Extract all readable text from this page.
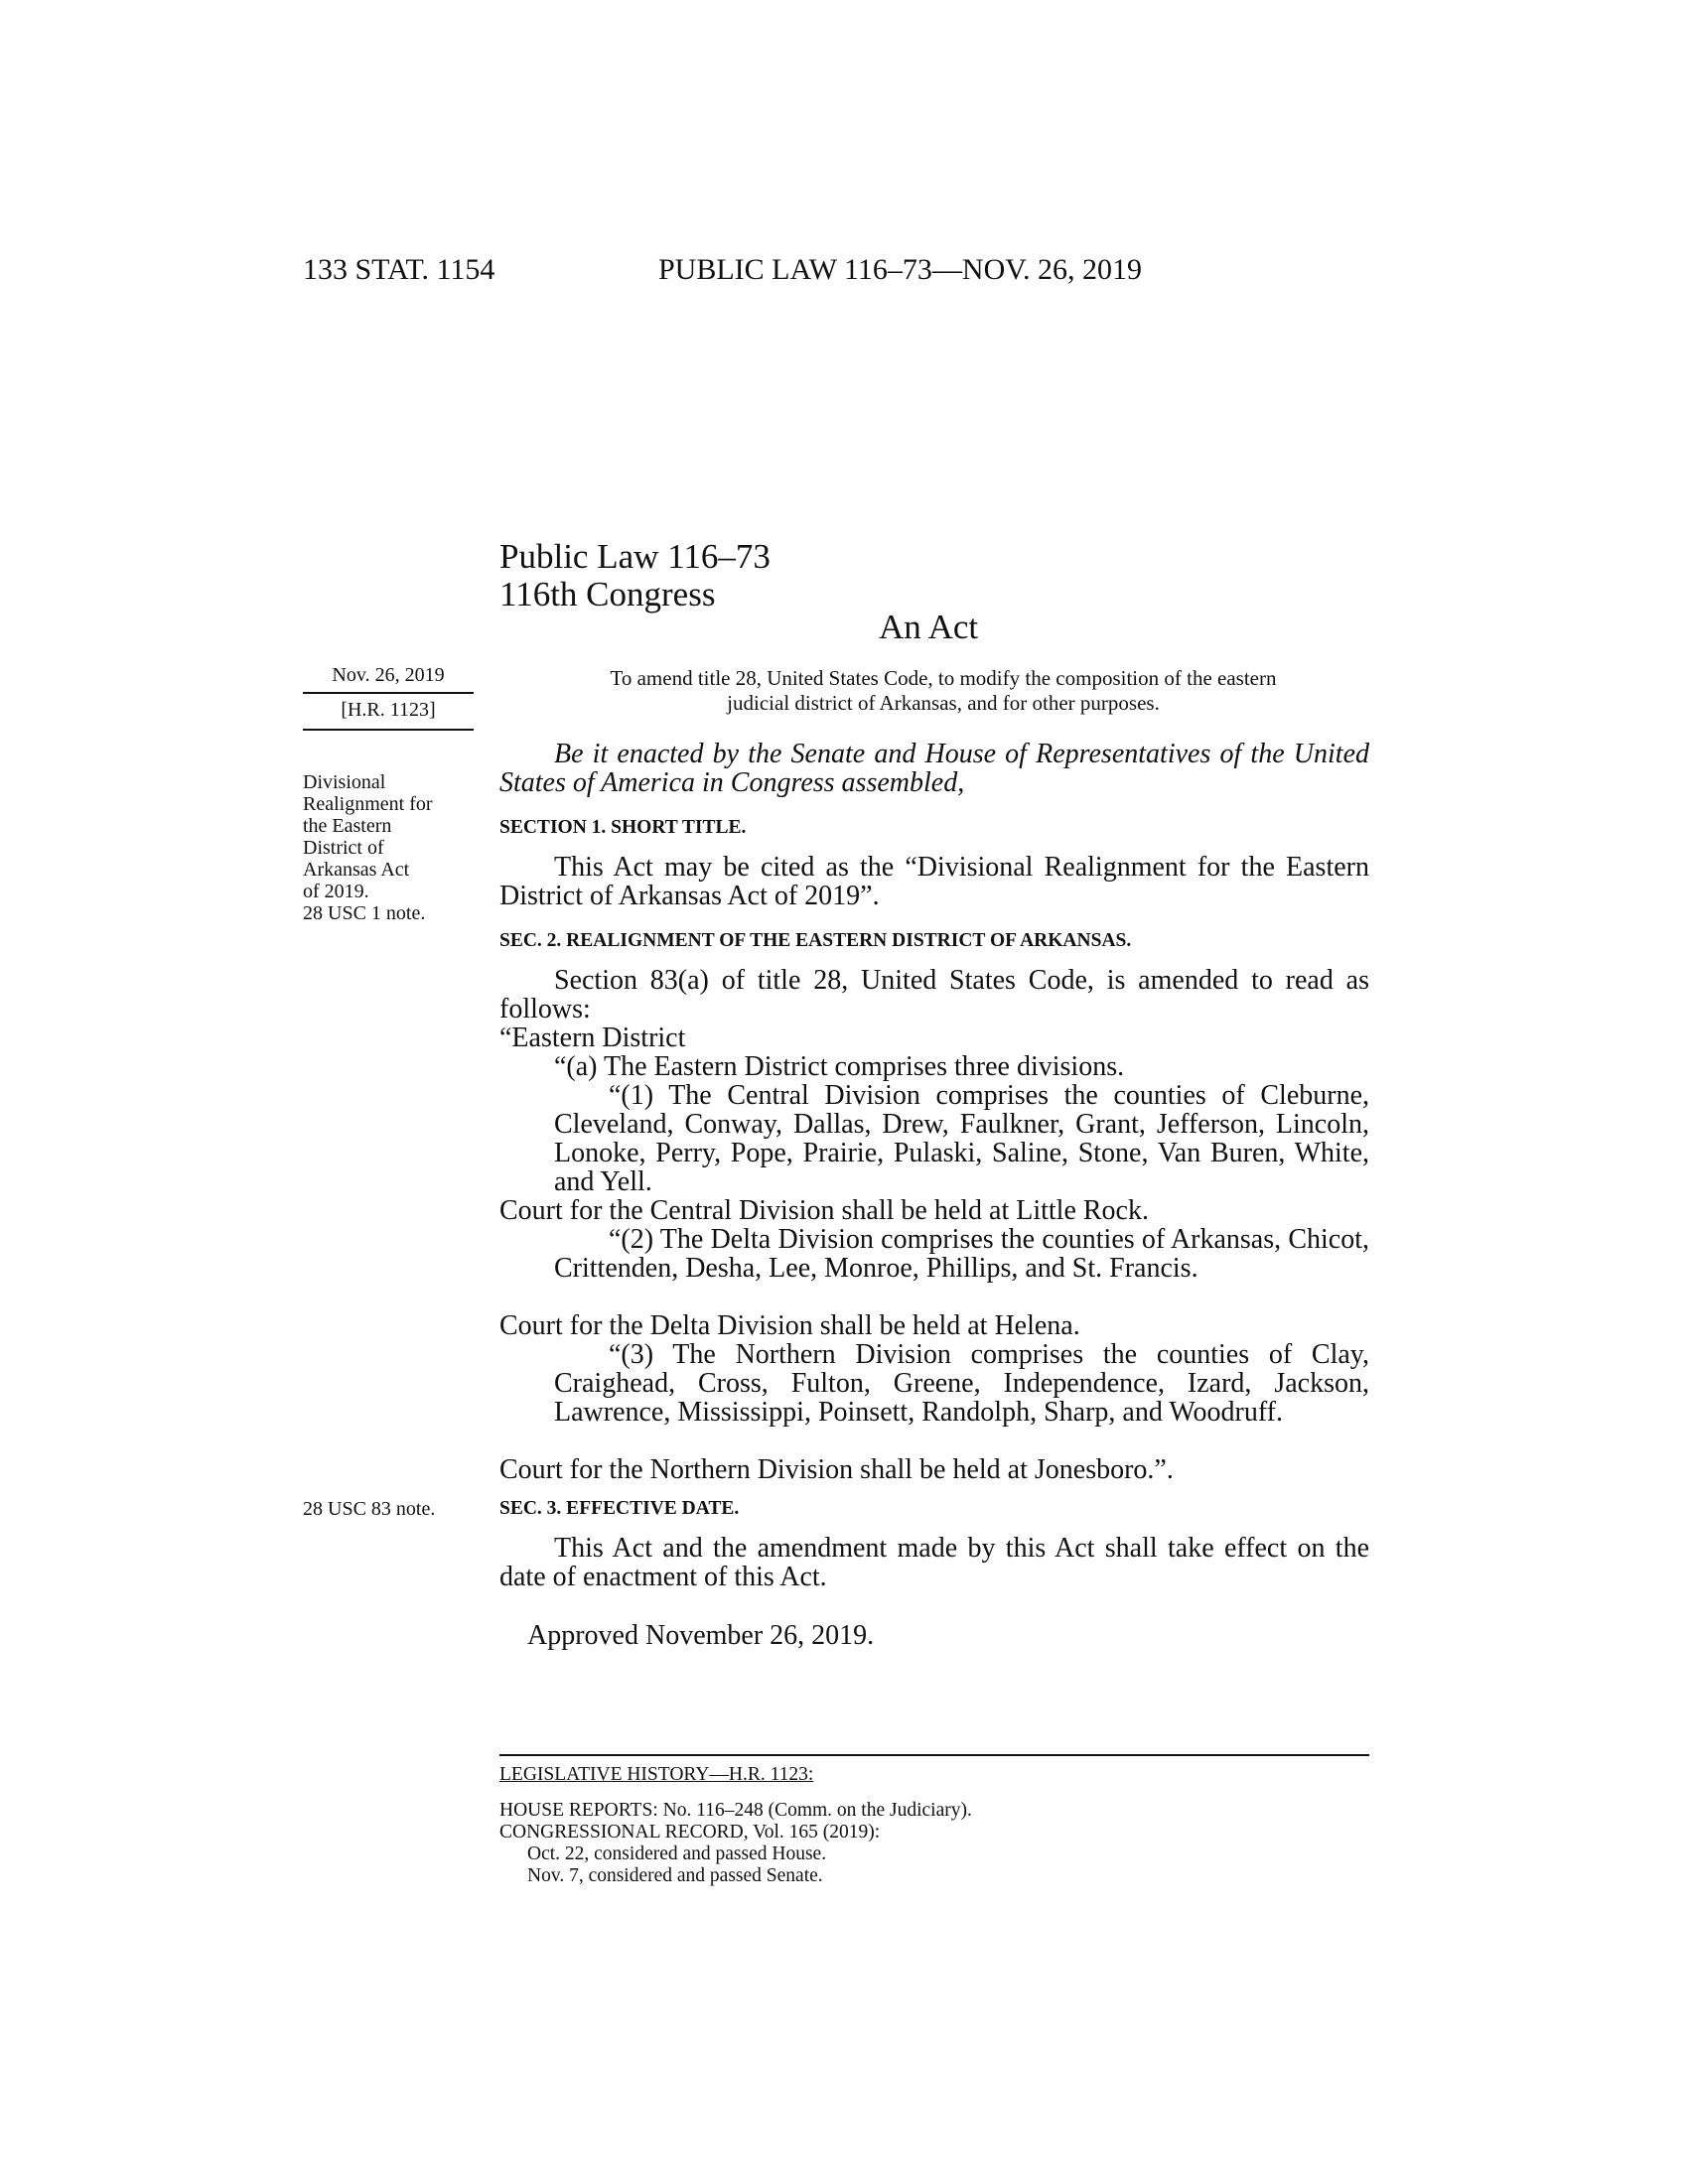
133 STAT. 1154	PUBLIC LAW 116–73—NOV. 26, 2019
Public Law 116–73
116th Congress
An Act
Nov. 26, 2019
[H.R. 1123]
To amend title 28, United States Code, to modify the composition of the eastern
judicial district of Arkansas, and for other purposes.
Divisional
Realignment for
the Eastern
District of
Arkansas Act
of 2019.
28 USC 1 note.
Be it enacted by the Senate and House of Representatives of the United States of America in Congress assembled,
SECTION 1. SHORT TITLE.
This Act may be cited as the “Divisional Realignment for the Eastern District of Arkansas Act of 2019”.
SEC. 2. REALIGNMENT OF THE EASTERN DISTRICT OF ARKANSAS.
Section 83(a) of title 28, United States Code, is amended to read as follows:
“Eastern District
“(a) The Eastern District comprises three divisions.

“(1) The Central Division comprises the counties of Cleburne, Cleveland, Conway, Dallas, Drew, Faulkner, Grant, Jefferson, Lincoln, Lonoke, Perry, Pope, Prairie, Pulaski, Saline, Stone, Van Buren, White, and Yell.

Court for the Central Division shall be held at Little Rock.

“(2) The Delta Division comprises the counties of Arkansas, Chicot, Crittenden, Desha, Lee, Monroe, Phillips, and St. Francis.

Court for the Delta Division shall be held at Helena.

“(3) The Northern Division comprises the counties of Clay, Craighead, Cross, Fulton, Greene, Independence, Izard, Jackson, Lawrence, Mississippi, Poinsett, Randolph, Sharp, and Woodruff.

Court for the Northern Division shall be held at Jonesboro.”.
28 USC 83 note.	SEC. 3. EFFECTIVE DATE.
This Act and the amendment made by this Act shall take effect on the date of enactment of this Act.
Approved November 26, 2019.
LEGISLATIVE HISTORY—H.R. 1123:
HOUSE REPORTS: No. 116–248 (Comm. on the Judiciary).
CONGRESSIONAL RECORD, Vol. 165 (2019):
Oct. 22, considered and passed House.
Nov. 7, considered and passed Senate.
